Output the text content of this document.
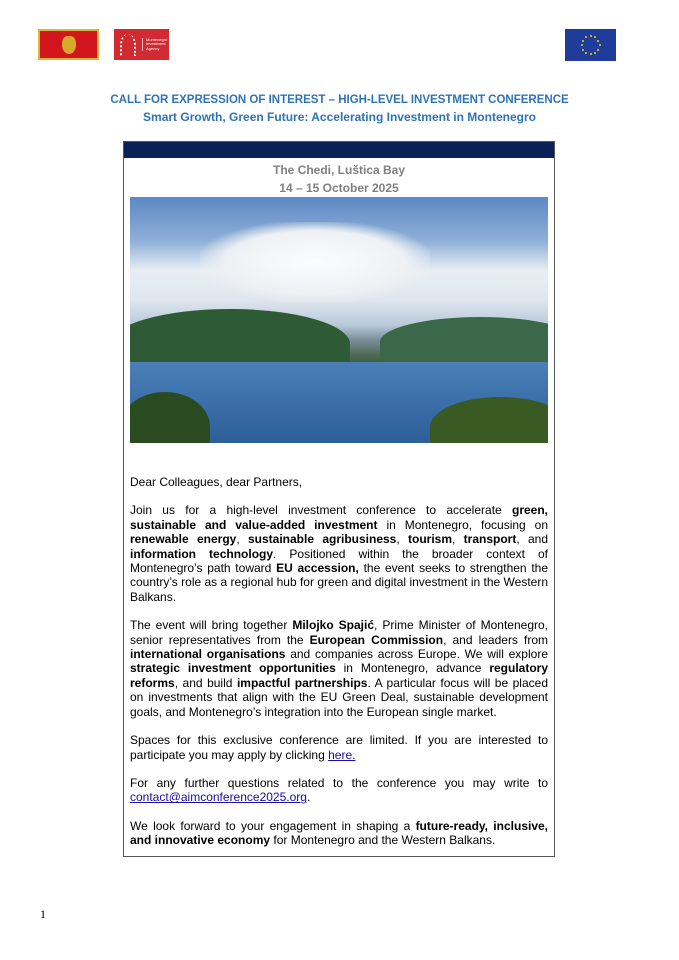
Montenegro
Investment
Agency
CALL FOR EXPRESSION OF INTEREST – HIGH-LEVEL INVESTMENT CONFERENCE
Smart Growth, Green Future: Accelerating Investment in Montenegro
The Chedi, Luštica Bay
14 – 15 October 2025

Dear Colleagues, dear Partners,

Join us for a high-level investment conference to accelerate green, sustainable and value-added investment in Montenegro, focusing on renewable energy, sustainable agribusiness, tourism, transport, and information technology. Positioned within the broader context of Montenegro’s path toward EU accession, the event seeks to strengthen the country’s role as a regional hub for green and digital investment in the Western Balkans.

The event will bring together Milojko Spajić, Prime Minister of Montenegro, senior representatives from the European Commission, and leaders from international organisations and companies across Europe. We will explore strategic investment opportunities in Montenegro, advance regulatory reforms, and build impactful partnerships. A particular focus will be placed on investments that align with the EU Green Deal, sustainable development goals, and Montenegro’s integration into the European single market.

Spaces for this exclusive conference are limited. If you are interested to participate you may apply by clicking here.

For any further questions related to the conference you may write to contact@aimconference2025.org.

We look forward to your engagement in shaping a future-ready, inclusive, and innovative economy for Montenegro and the Western Balkans.

1
